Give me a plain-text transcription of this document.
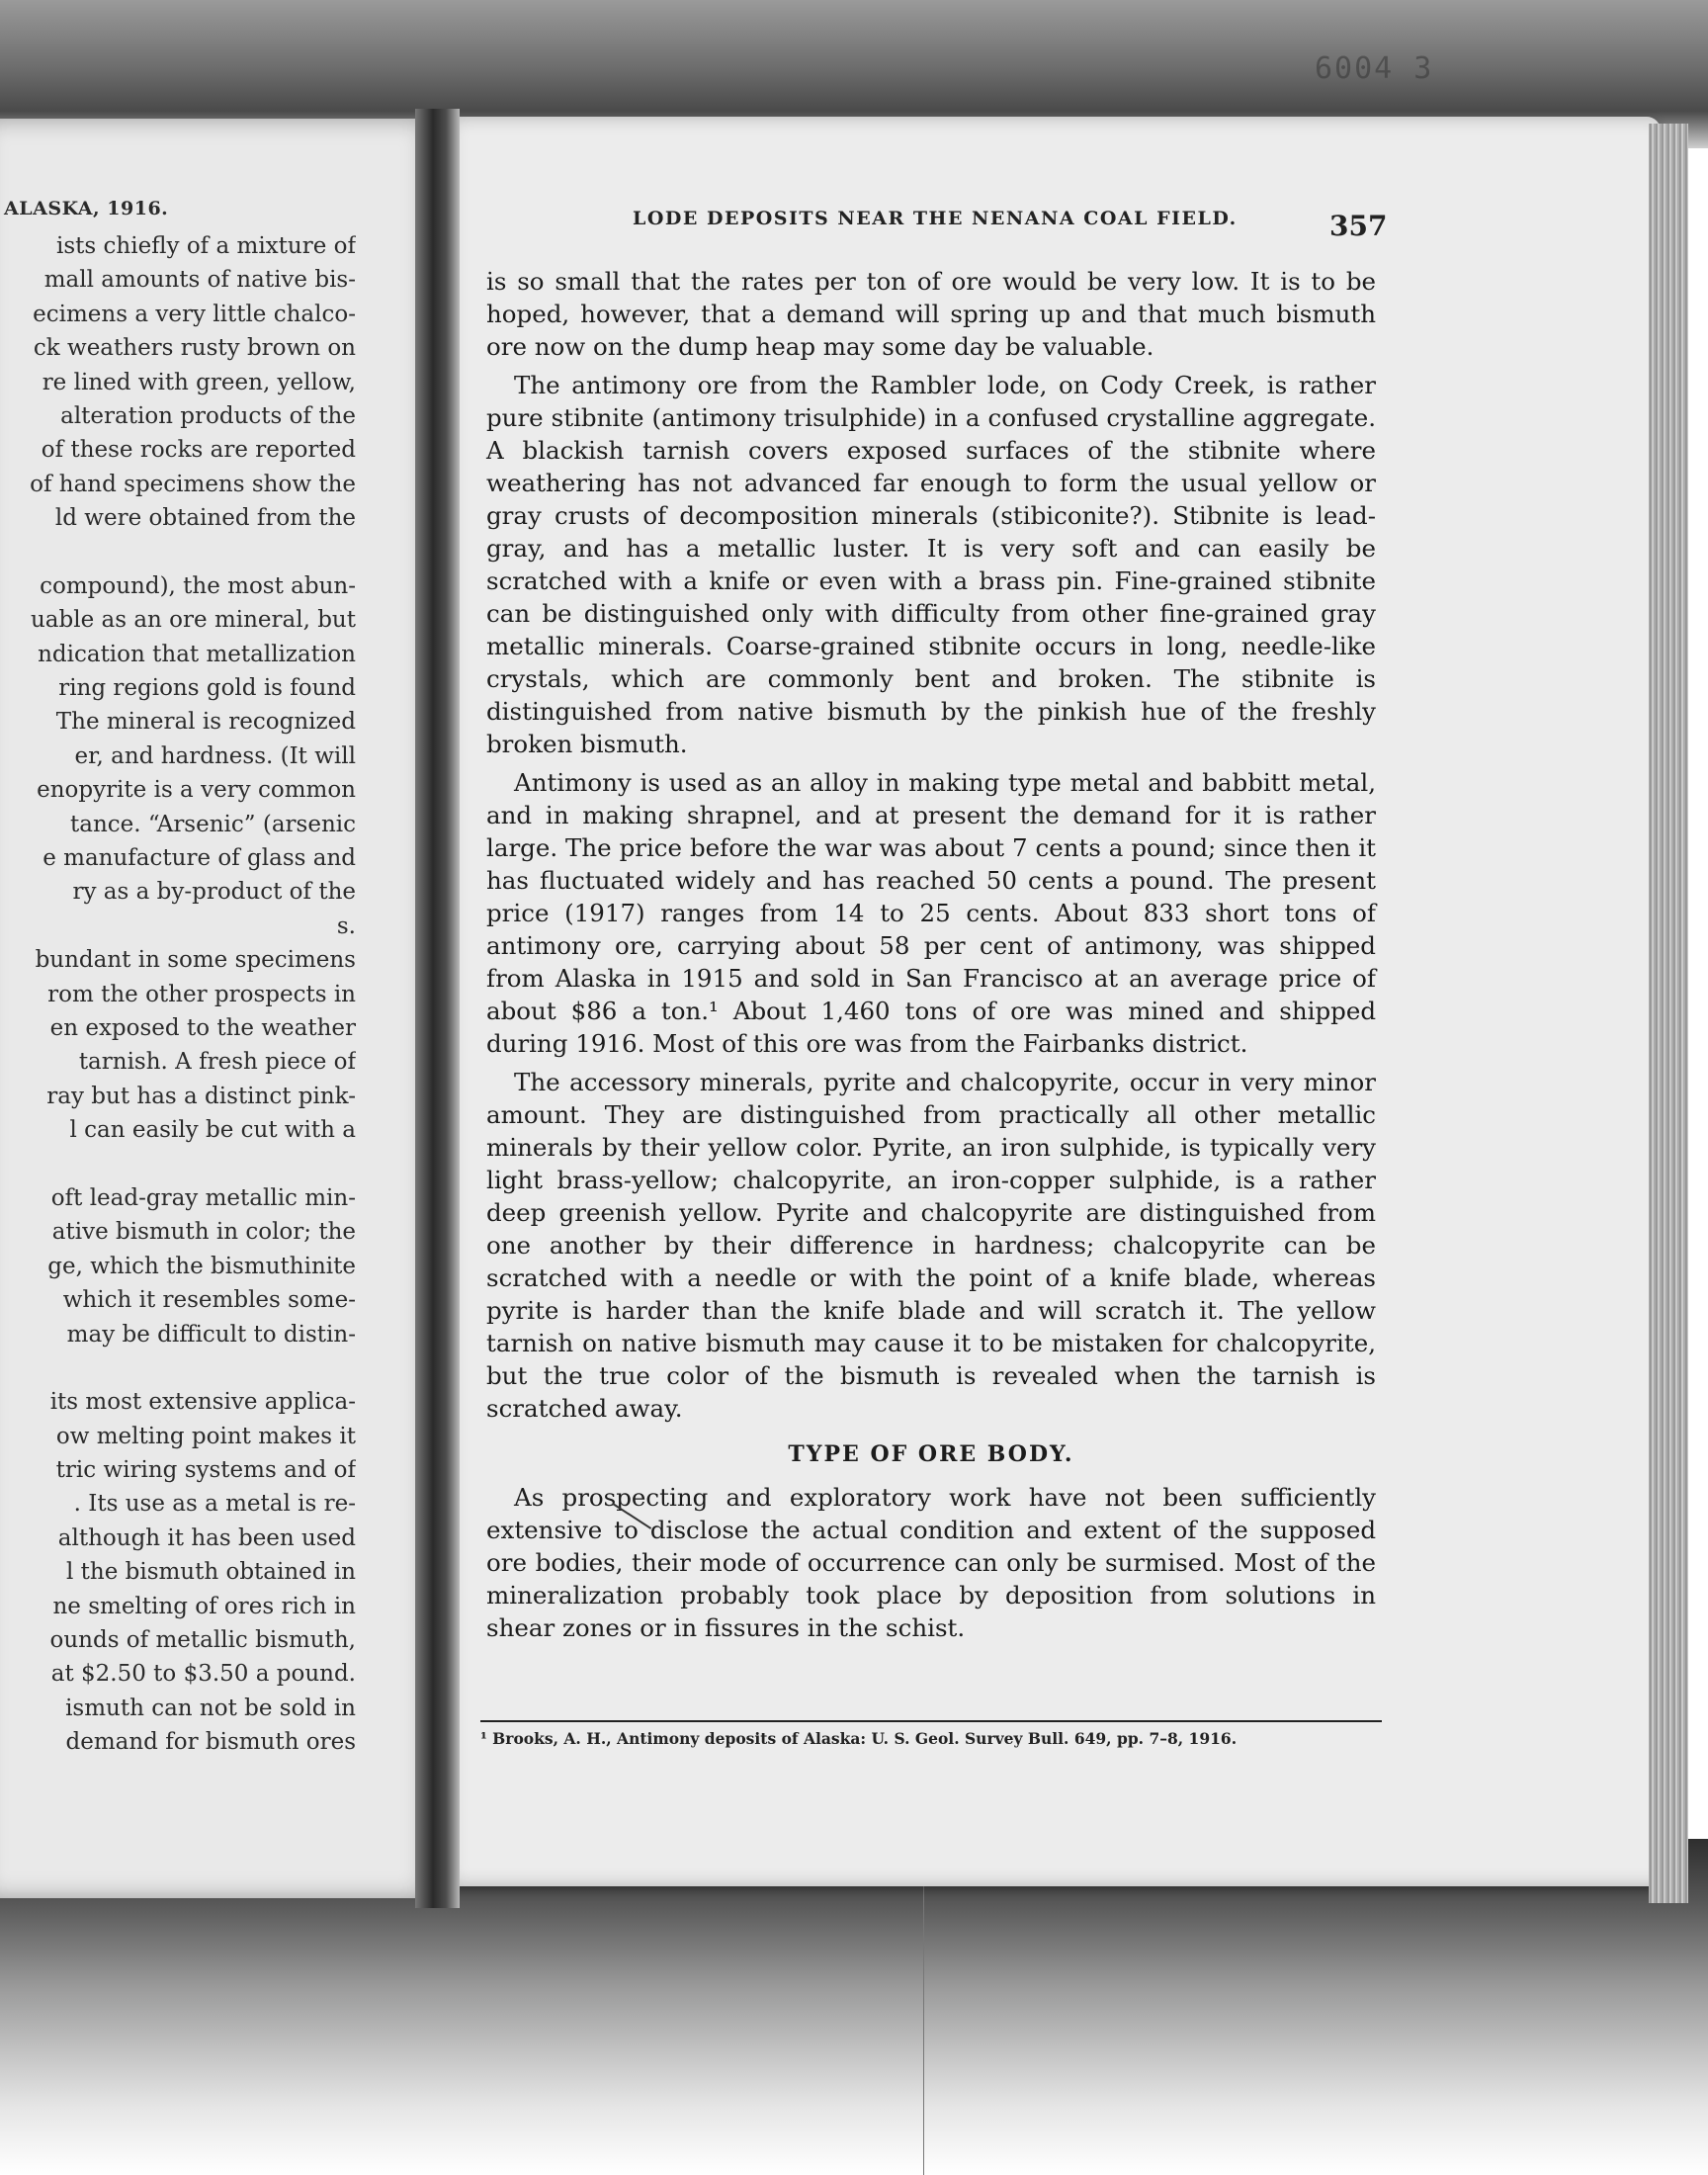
6004 3
ALASKA, 1916.
ists chiefly of a mixture of
mall amounts of native bis-
ecimens a very little chalco-
ck weathers rusty brown on
re lined with green, yellow,
alteration products of the
of these rocks are reported
of hand specimens show the
ld were obtained from the
compound), the most abun-
uable as an ore mineral, but
ndication that metallization
ring regions gold is found
The mineral is recognized
er, and hardness. (It will
enopyrite is a very common
tance. “Arsenic” (arsenic
e manufacture of glass and
ry as a by-product of the
s.
bundant in some specimens
rom the other prospects in
en exposed to the weather
tarnish. A fresh piece of
ray but has a distinct pink-
l can easily be cut with a
oft lead-gray metallic min-
ative bismuth in color; the
ge, which the bismuthinite
which it resembles some-
may be difficult to distin-
its most extensive applica-
ow melting point makes it
tric wiring systems and of
. Its use as a metal is re-
although it has been used
l the bismuth obtained in
ne smelting of ores rich in
ounds of metallic bismuth,
at $2.50 to $3.50 a pound.
ismuth can not be sold in
demand for bismuth ores
LODE DEPOSITS NEAR THE NENANA COAL FIELD.	357

is so small that the rates per ton of ore would be very low. It is to be hoped, however, that a demand will spring up and that much bismuth ore now on the dump heap may some day be valuable.

The antimony ore from the Rambler lode, on Cody Creek, is rather pure stibnite (antimony trisulphide) in a confused crystalline aggregate. A blackish tarnish covers exposed surfaces of the stibnite where weathering has not advanced far enough to form the usual yellow or gray crusts of decomposition minerals (stibiconite?). Stibnite is lead-gray, and has a metallic luster. It is very soft and can easily be scratched with a knife or even with a brass pin. Fine-grained stibnite can be distinguished only with difficulty from other fine-grained gray metallic minerals. Coarse-grained stibnite occurs in long, needle-like crystals, which are commonly bent and broken. The stibnite is distinguished from native bismuth by the pinkish hue of the freshly broken bismuth.

Antimony is used as an alloy in making type metal and babbitt metal, and in making shrapnel, and at present the demand for it is rather large. The price before the war was about 7 cents a pound; since then it has fluctuated widely and has reached 50 cents a pound. The present price (1917) ranges from 14 to 25 cents. About 833 short tons of antimony ore, carrying about 58 per cent of antimony, was shipped from Alaska in 1915 and sold in San Francisco at an average price of about $86 a ton.¹ About 1,460 tons of ore was mined and shipped during 1916. Most of this ore was from the Fairbanks district.

The accessory minerals, pyrite and chalcopyrite, occur in very minor amount. They are distinguished from practically all other metallic minerals by their yellow color. Pyrite, an iron sulphide, is typically very light brass-yellow; chalcopyrite, an iron-copper sulphide, is a rather deep greenish yellow. Pyrite and chalcopyrite are distinguished from one another by their difference in hardness; chalcopyrite can be scratched with a needle or with the point of a knife blade, whereas pyrite is harder than the knife blade and will scratch it. The yellow tarnish on native bismuth may cause it to be mistaken for chalcopyrite, but the true color of the bismuth is revealed when the tarnish is scratched away.

TYPE OF ORE BODY.

As prospecting and exploratory work have not been sufficiently extensive to disclose the actual condition and extent of the supposed ore bodies, their mode of occurrence can only be surmised. Most of the mineralization probably took place by deposition from solutions in shear zones or in fissures in the schist.

¹ Brooks, A. H., Antimony deposits of Alaska: U. S. Geol. Survey Bull. 649, pp. 7–8, 1916.
